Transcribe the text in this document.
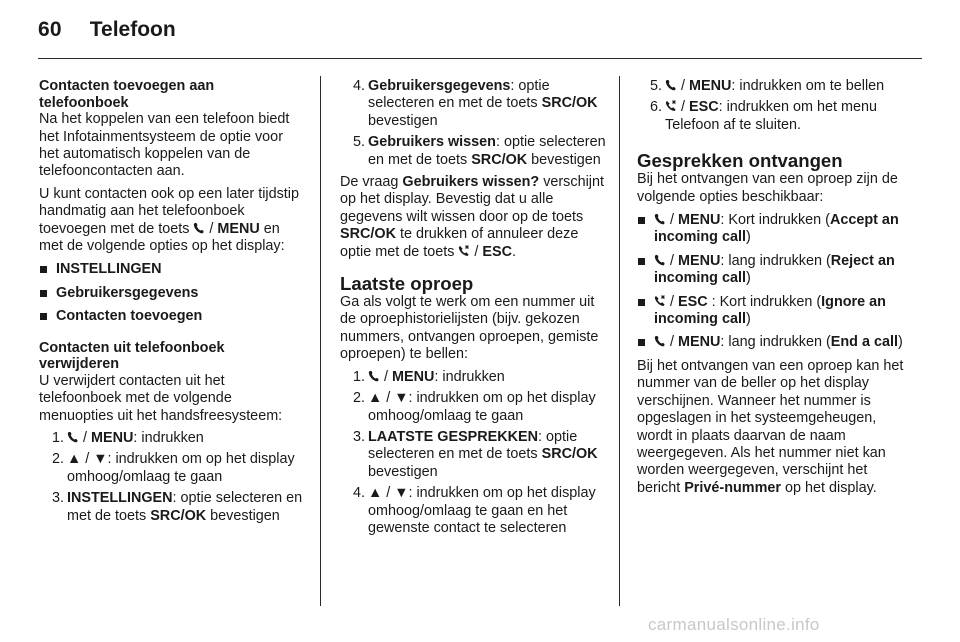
60 Telefoon
Contacten toevoegen aan telefoonboek

Na het koppelen van een telefoon biedt het Infotainmentsysteem de optie voor het automatisch koppelen van de telefooncontacten aan.

U kunt contacten ook op een later tijdstip handmatig aan het telefoonboek toevoegen met de toets / MENU en met de volgende opties op het display:

INSTELLINGEN
Gebruikersgegevens
Contacten toevoegen
Contacten uit telefoonboek verwijderen

U verwijdert contacten uit het telefoonboek met de volgende menuopties uit het handsfreesysteem:

1. / MENU: indrukken
2. ▲ / ▼: indrukken om op het display omhoog/omlaag te gaan
3. INSTELLINGEN: optie selecteren en met de toets SRC/OK bevestigen
4. Gebruikersgegevens: optie selecteren en met de toets SRC/OK bevestigen
5. Gebruikers wissen: optie selecteren en met de toets SRC/OK bevestigen

De vraag Gebruikers wissen? verschijnt op het display. Bevestig dat u alle gegevens wilt wissen door op de toets SRC/OK te drukken of annuleer deze optie met de toets / ESC.

Laatste oproep

Ga als volgt te werk om een nummer uit de oproephistorielijsten (bijv. gekozen nummers, ontvangen oproepen, gemiste oproepen) te bellen:

1. / MENU: indrukken
2. ▲ / ▼: indrukken om op het display omhoog/omlaag te gaan
3. LAATSTE GESPREKKEN: optie selecteren en met de toets SRC/OK bevestigen
4. ▲ / ▼: indrukken om op het display omhoog/omlaag te gaan en het gewenste contact te selecteren
5. / MENU: indrukken om te bellen
6. / ESC: indrukken om het menu Telefoon af te sluiten.
Gesprekken ontvangen

Bij het ontvangen van een oproep zijn de volgende opties beschikbaar:

/ MENU: Kort indrukken (Accept an incoming call)
/ MENU: lang indrukken (Reject an incoming call)
/ ESC : Kort indrukken (Ignore an incoming call)
/ MENU: lang indrukken (End a call)

Bij het ontvangen van een oproep kan het nummer van de beller op het display verschijnen. Wanneer het nummer is opgeslagen in het systeemgeheugen, wordt in plaats daarvan de naam weergegeven. Als het nummer niet kan worden weergegeven, verschijnt het bericht Privé-nummer op het display.

carmanualsonline.info
